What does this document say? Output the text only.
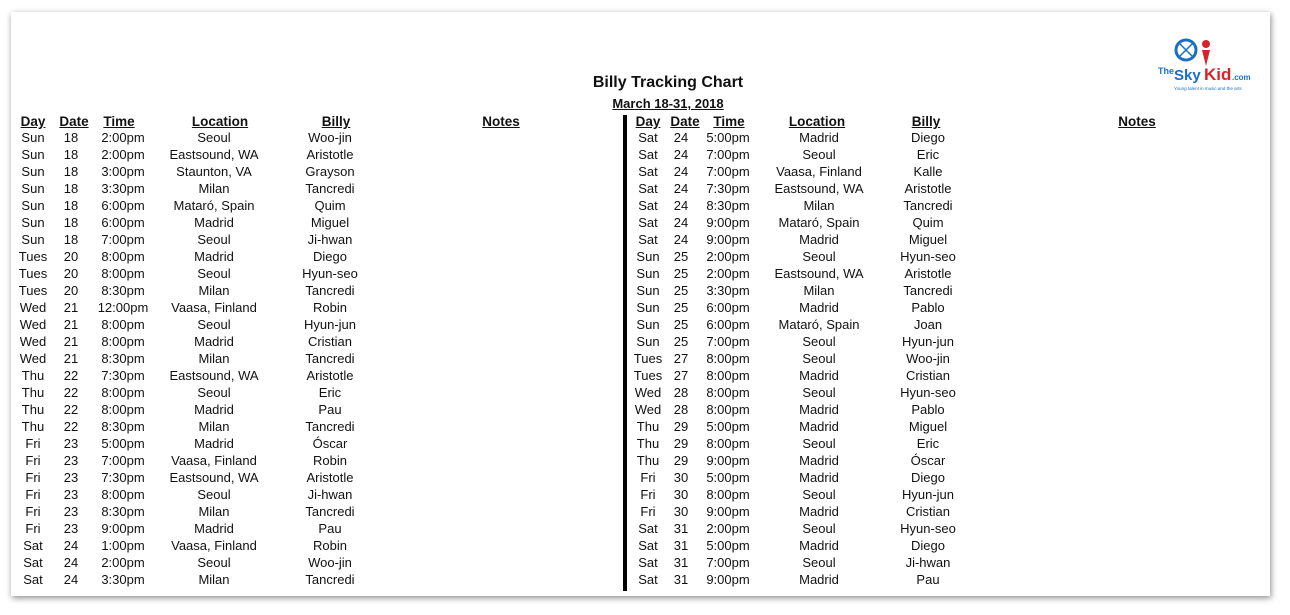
Billy Tracking Chart
March 18-31, 2018
The Sky Kid .com
Young talent in music and the arts
Day Date	Time	Location	Billy	Notes	Day Date	Time	Location	Billy	Notes
Sun	18	2:00pm	Seoul	Woo-jin
Sun	18	2:00pm	Eastsound, WA	Aristotle
Sun	18	3:00pm	Staunton, VA	Grayson
Sun	18	3:30pm	Milan	Tancredi
Sun	18	6:00pm	Mataró, Spain	Quim
Sun	18	6:00pm	Madrid	Miguel
Sun	18	7:00pm	Seoul	Ji-hwan
Tues	20	8:00pm	Madrid	Diego
Tues	20	8:00pm	Seoul	Hyun-seo
Tues	20	8:30pm	Milan	Tancredi
Wed	21	12:00pm	Vaasa, Finland	Robin
Wed	21	8:00pm	Seoul	Hyun-jun
Wed	21	8:00pm	Madrid	Cristian
Wed	21	8:30pm	Milan	Tancredi
Thu	22	7:30pm	Eastsound, WA	Aristotle
Thu	22	8:00pm	Seoul	Eric
Thu	22	8:00pm	Madrid	Pau
Thu	22	8:30pm	Milan	Tancredi
Fri	23	5:00pm	Madrid	Óscar
Fri	23	7:00pm	Vaasa, Finland	Robin
Fri	23	7:30pm	Eastsound, WA	Aristotle
Fri	23	8:00pm	Seoul	Ji-hwan
Fri	23	8:30pm	Milan	Tancredi
Fri	23	9:00pm	Madrid	Pau
Sat	24	1:00pm	Vaasa, Finland	Robin
Sat	24	2:00pm	Seoul	Woo-jin
Sat	24	3:30pm	Milan	Tancredi
Sat	24	5:00pm	Madrid	Diego
Sat	24	7:00pm	Seoul	Eric
Sat	24	7:00pm	Vaasa, Finland	Kalle
Sat	24	7:30pm	Eastsound, WA	Aristotle
Sat	24	8:30pm	Milan	Tancredi
Sat	24	9:00pm	Mataró, Spain	Quim
Sat	24	9:00pm	Madrid	Miguel
Sun	25	2:00pm	Seoul	Hyun-seo
Sun	25	2:00pm	Eastsound, WA	Aristotle
Sun	25	3:30pm	Milan	Tancredi
Sun	25	6:00pm	Madrid	Pablo
Sun	25	6:00pm	Mataró, Spain	Joan
Sun	25	7:00pm	Seoul	Hyun-jun
Tues	27	8:00pm	Seoul	Woo-jin
Tues	27	8:00pm	Madrid	Cristian
Wed	28	8:00pm	Seoul	Hyun-seo
Wed	28	8:00pm	Madrid	Pablo
Thu	29	5:00pm	Madrid	Miguel
Thu	29	8:00pm	Seoul	Eric
Thu	29	9:00pm	Madrid	Óscar
Fri	30	5:00pm	Madrid	Diego
Fri	30	8:00pm	Seoul	Hyun-jun
Fri	30	9:00pm	Madrid	Cristian
Sat	31	2:00pm	Seoul	Hyun-seo
Sat	31	5:00pm	Madrid	Diego
Sat	31	7:00pm	Seoul	Ji-hwan
Sat	31	9:00pm	Madrid	Pau
